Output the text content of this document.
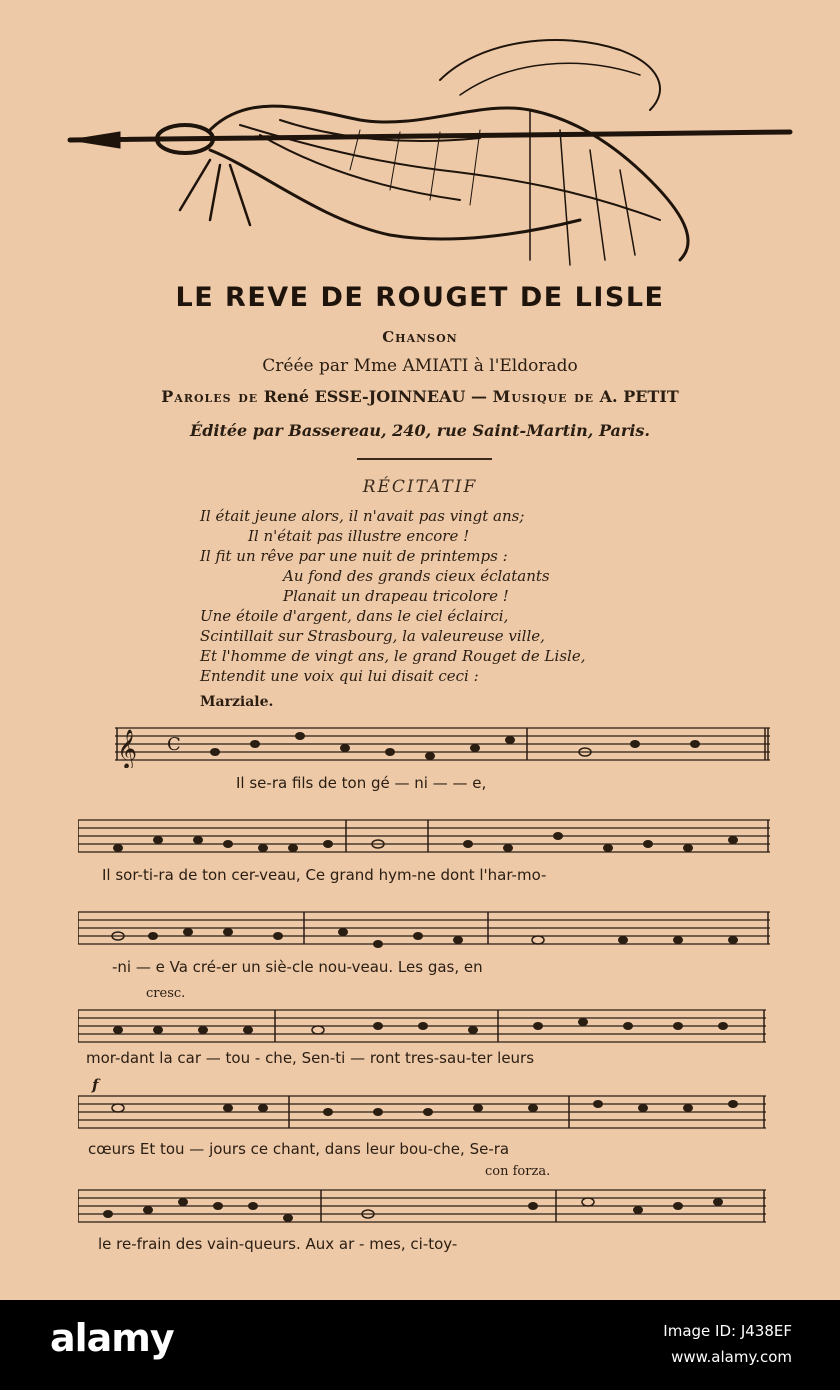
LE REVE DE ROUGET DE LISLE
Chanson
Créée par Mme AMIATI à l'Eldorado
Paroles de René ESSE-JOINNEAU — Musique de A. PETIT
Éditée par Bassereau, 240, rue Saint-Martin, Paris.
RÉCITATIF
Il était jeune alors, il n'avait pas vingt ans;
Il n'était pas illustre encore !
Il fit un rêve par une nuit de printemps :
Au fond des grands cieux éclatants
Planait un drapeau tricolore !
Une étoile d'argent, dans le ciel éclairci,
Scintillait sur Strasbourg, la valeureuse ville,
Et l'homme de vingt ans, le grand Rouget de Lisle,
Entendit une voix qui lui disait ceci :
Marziale.
𝄞 C
Il se-ra fils de ton gé — ni — — e,
Il sor-ti-ra de ton cer-veau, Ce grand hym-ne dont l'har-mo-
-ni — e Va cré-er un siè-cle nou-veau. Les gas, en
cresc.
mor-dant la car — tou - che, Sen-ti — ront tres-sau-ter leurs
f
cœurs Et tou — jours ce chant, dans leur bou-che, Se-ra
con forza.
le re-frain des vain-queurs. Aux ar - mes, ci-toy-
alamy	Image ID: J438EF
www.alamy.com
